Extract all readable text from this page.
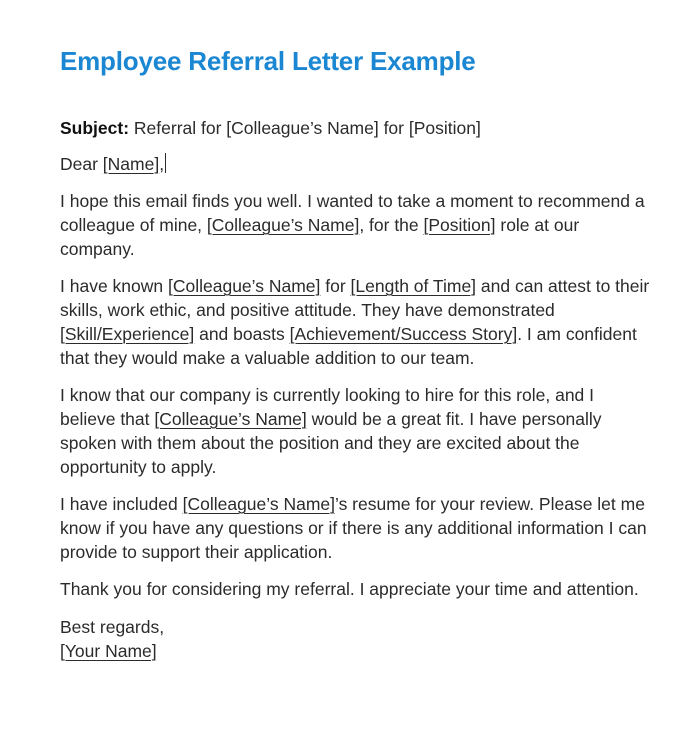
Employee Referral Letter Example

Subject: Referral for [Colleague’s Name] for [Position]

Dear [Name],

I hope this email finds you well. I wanted to take a moment to recommend a colleague of mine, [Colleague’s Name], for the [Position] role at our company.

I have known [Colleague’s Name] for [Length of Time] and can attest to their skills, work ethic, and positive attitude. They have demonstrated [Skill/Experience] and boasts [Achievement/Success Story]. I am confident that they would make a valuable addition to our team.

I know that our company is currently looking to hire for this role, and I believe that [Colleague’s Name] would be a great fit. I have personally spoken with them about the position and they are excited about the opportunity to apply.

I have included [Colleague’s Name]’s resume for your review. Please let me know if you have any questions or if there is any additional information I can provide to support their application.

Thank you for considering my referral. I appreciate your time and attention.

Best regards,
[Your Name]
